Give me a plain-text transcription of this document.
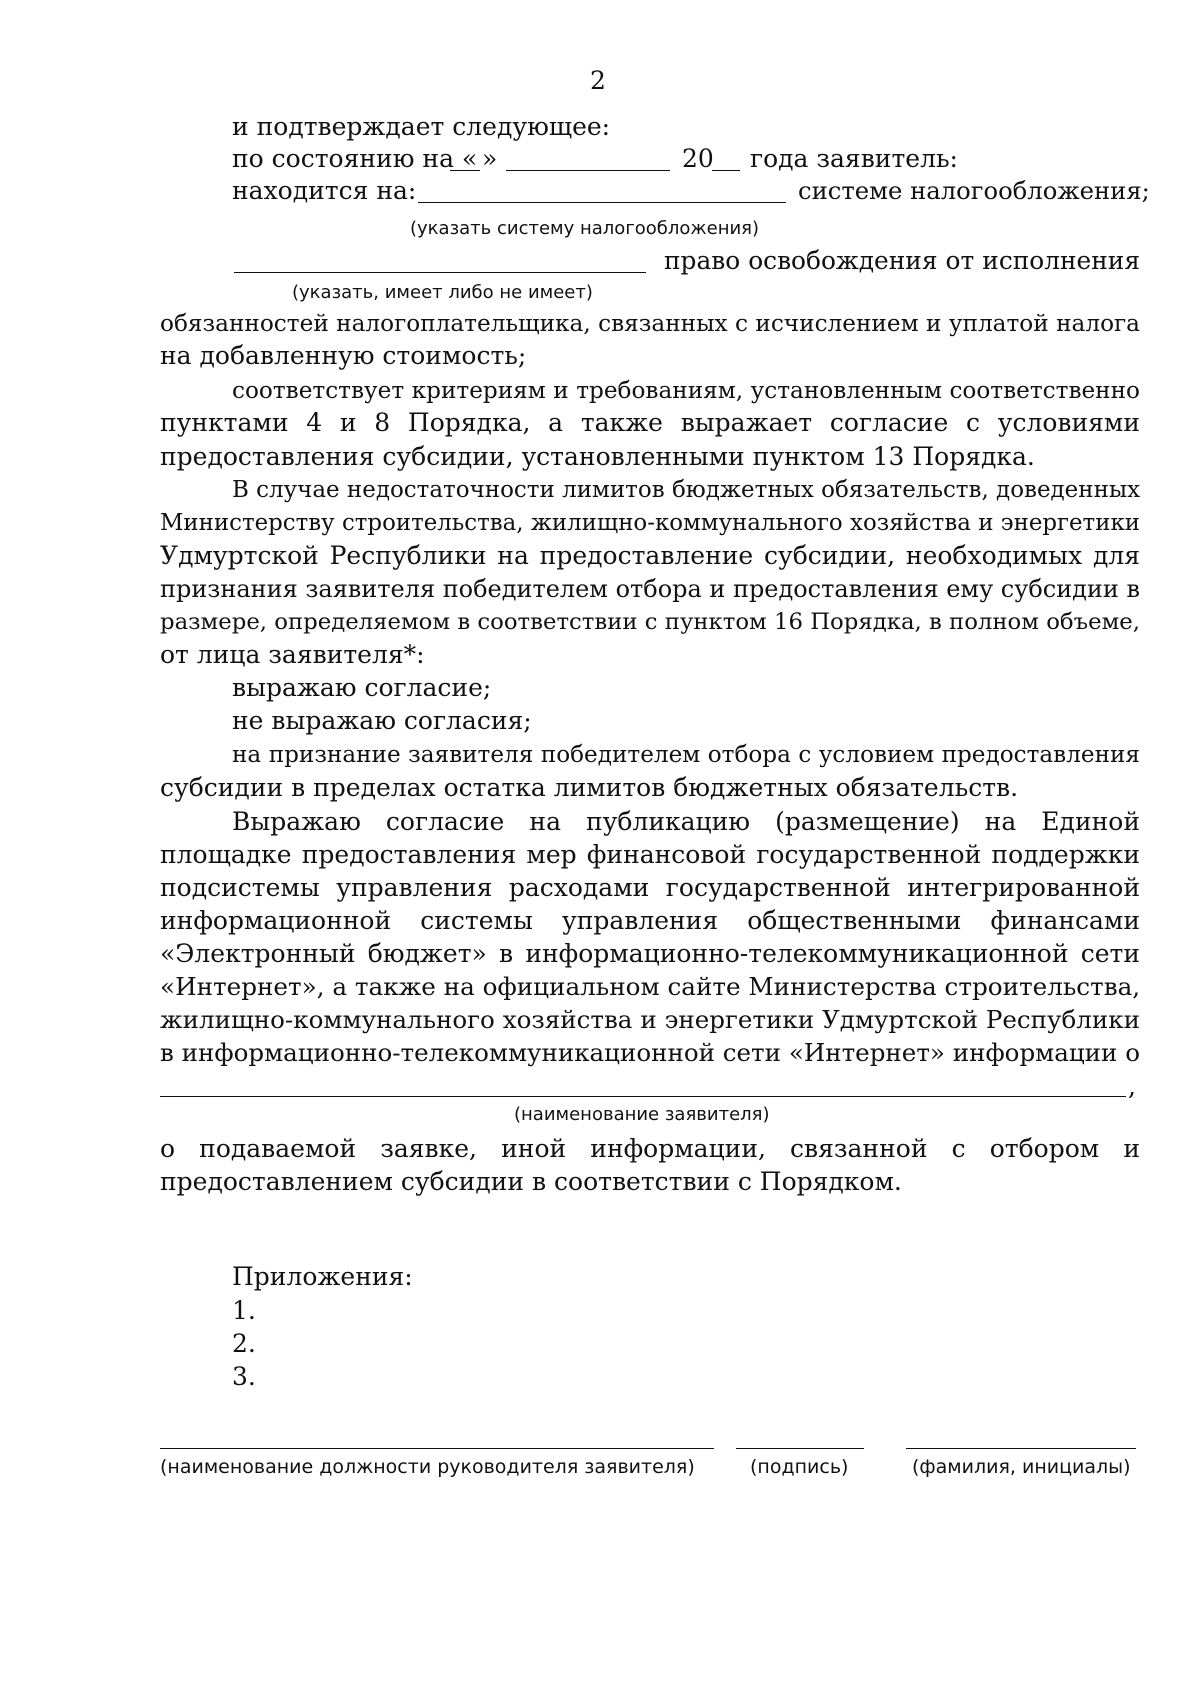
2
и подтверждает следующее:
по состоянию на « »	20 года заявитель:
находится на:	системе налогообложения;
(указать систему налогообложения)
право освобождения от исполнения
(указать, имеет либо не имеет)
обязанностей налогоплательщика, связанных с исчислением и уплатой налога
на добавленную стоимость;
соответствует критериям и требованиям, установленным соответственно
пунктами 4 и 8 Порядка, а также выражает согласие с условиями
предоставления субсидии, установленными пунктом 13 Порядка.
В случае недостаточности лимитов бюджетных обязательств, доведенных
Министерству строительства, жилищно-коммунального хозяйства и энергетики
Удмуртской Республики на предоставление субсидии, необходимых для
признания заявителя победителем отбора и предоставления ему субсидии в
размере, определяемом в соответствии с пунктом 16 Порядка, в полном объеме,
от лица заявителя*:
выражаю согласие;
не выражаю согласия;
на признание заявителя победителем отбора с условием предоставления
субсидии в пределах остатка лимитов бюджетных обязательств.
Выражаю согласие на публикацию (размещение) на Единой
площадке предоставления мер финансовой государственной поддержки
подсистемы управления расходами государственной интегрированной
информационной системы управления общественными финансами
«Электронный бюджет» в информационно-телекоммуникационной сети
«Интернет», а также на официальном сайте Министерства строительства,
жилищно-коммунального хозяйства и энергетики Удмуртской Республики
в информационно-телекоммуникационной сети «Интернет» информации о
,
(наименование заявителя)
о подаваемой заявке, иной информации, связанной с отбором и
предоставлением субсидии в соответствии с Порядком.
Приложения:
1.
2.
3.
(наименование должности руководителя заявителя)	(подпись)	(фамилия, инициалы)
